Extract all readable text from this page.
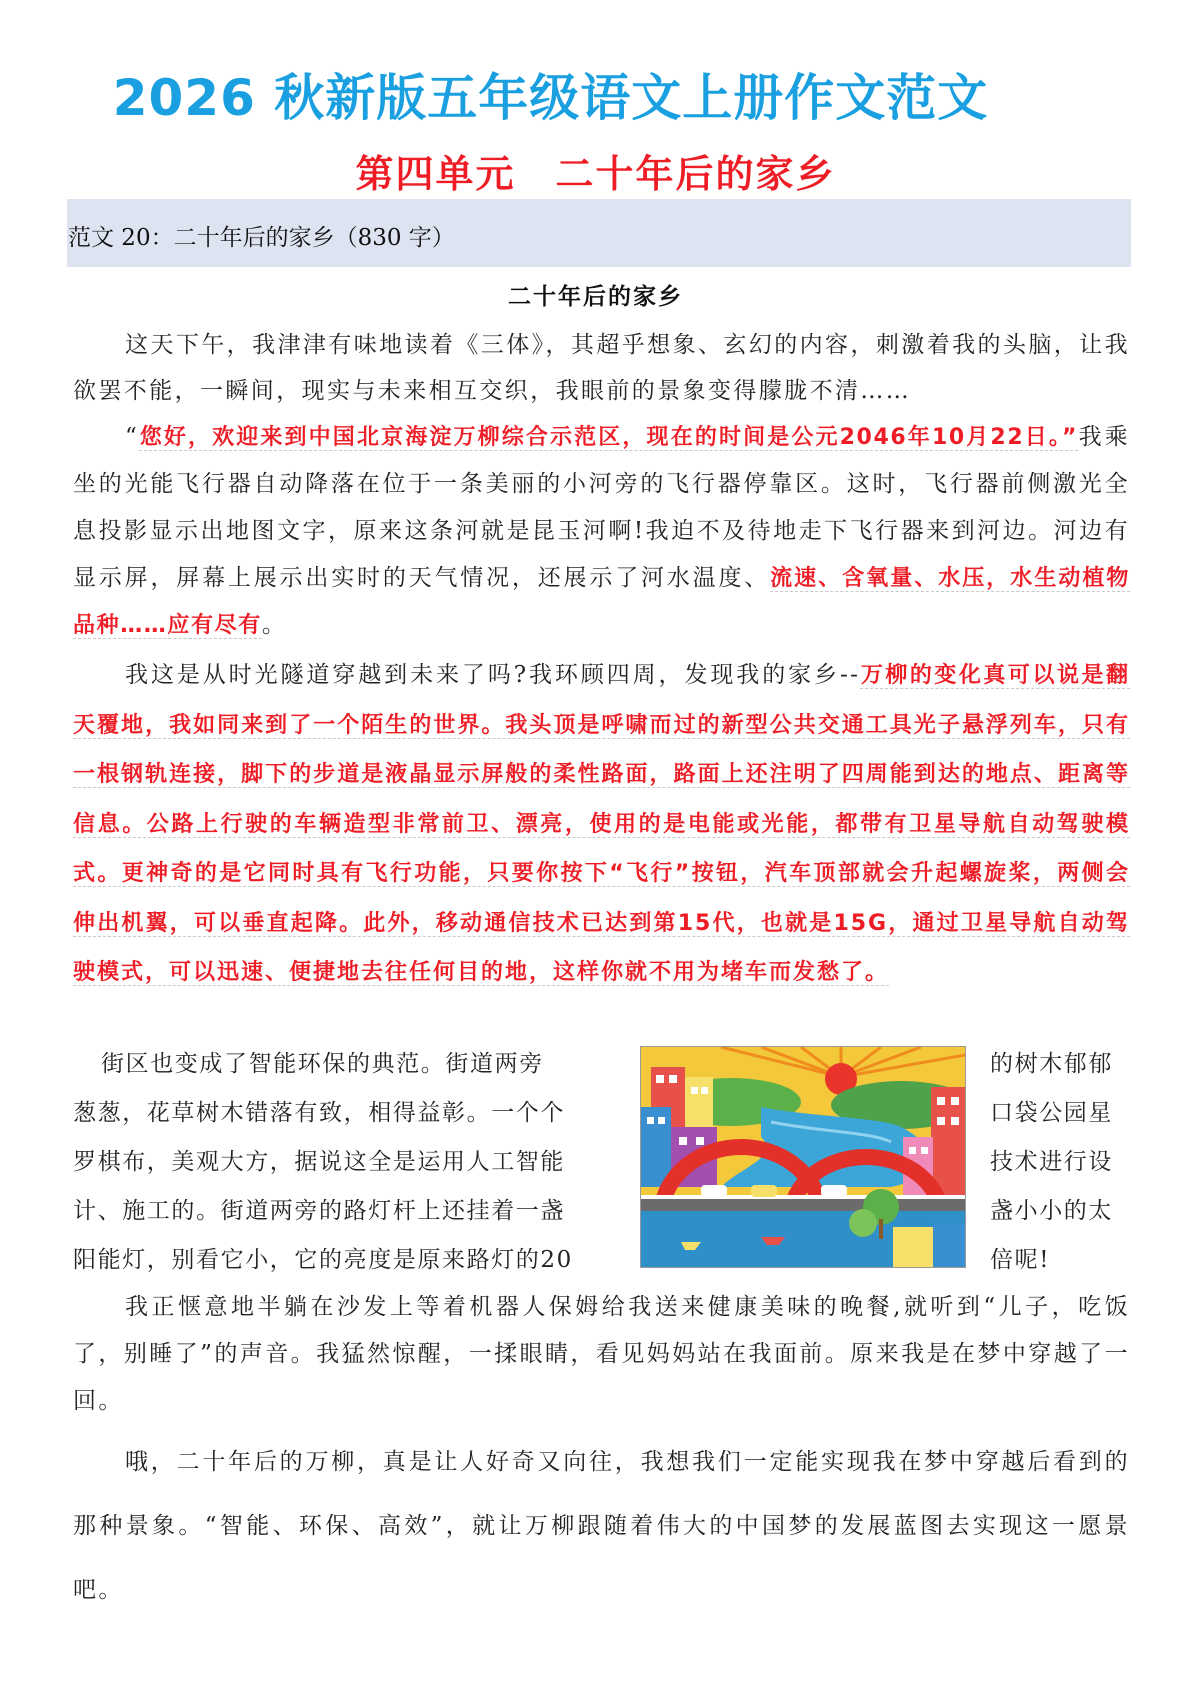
2026 秋新版五年级语文上册作文范文
第四单元　二十年后的家乡
范文 20：二十年后的家乡（830 字）
二十年后的家乡

这天下午，我津津有味地读着《三体》，其超乎想象、玄幻的内容，刺激着我的头脑，让我欲罢不能，一瞬间，现实与未来相互交织，我眼前的景象变得朦胧不清……

“您好，欢迎来到中国北京海淀万柳综合示范区，现在的时间是公元2046年10月22日。”我乘坐的光能飞行器自动降落在位于一条美丽的小河旁的飞行器停靠区。这时，飞行器前侧激光全息投影显示出地图文字，原来这条河就是昆玉河啊!我迫不及待地走下飞行器来到河边。河边有显示屏，屏幕上展示出实时的天气情况，还展示了河水温度、流速、含氧量、水压，水生动植物品种……应有尽有。

我这是从时光隧道穿越到未来了吗?我环顾四周，发现我的家乡--万柳的变化真可以说是翻天覆地，我如同来到了一个陌生的世界。我头顶是呼啸而过的新型公共交通工具光子悬浮列车，只有一根钢轨连接，脚下的步道是液晶显示屏般的柔性路面，路面上还注明了四周能到达的地点、距离等信息。公路上行驶的车辆造型非常前卫、漂亮，使用的是电能或光能，都带有卫星导航自动驾驶模式。更神奇的是它同时具有飞行功能，只要你按下“飞行”按钮，汽车顶部就会升起螺旋桨，两侧会伸出机翼，可以垂直起降。此外，移动通信技术已达到第15代，也就是15G，通过卫星导航自动驾驶模式，可以迅速、便捷地去往任何目的地，这样你就不用为堵车而发愁了。

街区也变成了智能环保的典范。街道两旁
葱葱，花草树木错落有致，相得益彰。一个个
罗棋布，美观大方，据说这全是运用人工智能
计、施工的。街道两旁的路灯杆上还挂着一盏
阳能灯，别看它小，它的亮度是原来路灯的20
的树木郁郁
口袋公园星
技术进行设
盏小小的太
倍呢!

我正惬意地半躺在沙发上等着机器人保姆给我送来健康美味的晚餐,就听到“儿子，吃饭了，别睡了”的声音。我猛然惊醒，一揉眼睛，看见妈妈站在我面前。原来我是在梦中穿越了一回。

哦，二十年后的万柳，真是让人好奇又向往，我想我们一定能实现我在梦中穿越后看到的那种景象。“智能、环保、高效”，就让万柳跟随着伟大的中国梦的发展蓝图去实现这一愿景吧。
